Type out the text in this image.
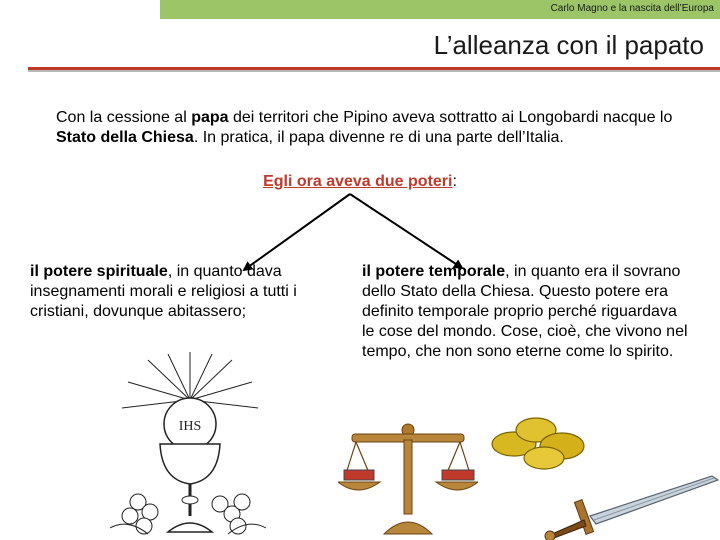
Carlo Magno e la nascita dell’Europa
L’alleanza con il papato
Con la cessione al papa dei territori che Pipino aveva sottratto ai Longobardi nacque lo Stato della Chiesa. In pratica, il papa divenne re di una parte dell’Italia.
Egli ora aveva due poteri:
il potere spirituale, in quanto dava insegnamenti morali e religiosi a tutti i cristiani, dovunque abitassero;
il potere temporale, in quanto era il sovrano dello Stato della Chiesa. Questo potere era definito temporale proprio perché riguardava le cose del mondo. Cose, cioè, che vivono nel tempo, che non sono eterne come lo spirito.
IHS
